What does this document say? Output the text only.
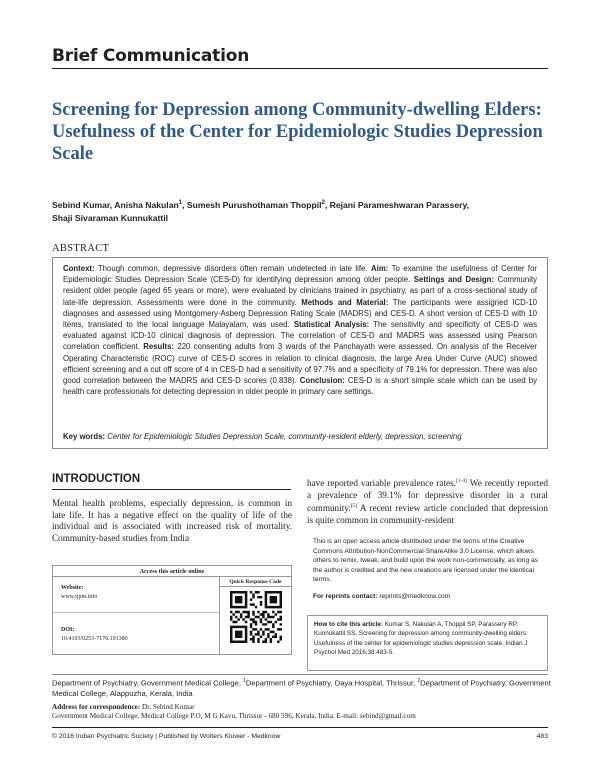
Brief Communication
Screening for Depression among Community-dwelling Elders: Usefulness of the Center for Epidemiologic Studies Depression Scale
Sebind Kumar, Anisha Nakulan$^1$, Sumesh Purushothaman Thoppil$^2$, Rejani Parameshwaran Parassery,
Shaji Sivaraman Kunnukattil
ABSTRACT

Context: Though common, depressive disorders often remain undetected in late life. Aim: To examine the usefulness of Center for Epidemiologic Studies Depression Scale (CES-D) for identifying depression among older people. Settings and Design: Community resident older people (aged 65 years or more), were evaluated by clinicians trained in psychiatry, as part of a cross-sectional study of late-life depression. Assessments were done in the community. Methods and Material: The participants were assigned ICD-10 diagnoses and assessed using Montgomery-Asberg Depression Rating Scale (MADRS) and CES-D. A short version of CES-D with 10 items, translated to the local language Malayalam, was used. Statistical Analysis: The sensitivity and specificity of CES-D was evaluated against ICD-10 clinical diagnosis of depression. The correlation of CES-D and MADRS was assessed using Pearson correlation coefficient. Results: 220 consenting adults from 3 wards of the Panchayath were assessed. On analysis of the Receiver Operating Characteristic (ROC) curve of CES-D scores in relation to clinical diagnosis, the large Area Under Curve (AUC) showed efficient screening and a cut off score of 4 in CES-D had a sensitivity of 97.7% and a specificity of 79.1% for depression. There was also good correlation between the MADRS and CES-D scores (0.838). Conclusion: CES-D is a short simple scale which can be used by health care professionals for detecting depression in older people in primary care settings.

Key words: Center for Epidemiologic Studies Depression Scale, community-resident elderly, depression, screening
INTRODUCTION

Mental health problems, especially depression, is common in late life. It has a negative effect on the quality of life of the individual and is associated with increased risk of mortality. Community-based studies from India

have reported variable prevalence rates.[1-4] We recently reported a prevalence of 39.1% for depressive disorder in a rural community.[5] A recent review article concluded that depression is quite common in community-resident

Access this article online
Quick Response Code
Website:
www.ijpm.info
DOI:
10.4103/0253-7176.191380
This is an open access article distributed under the terms of the Creative Commons Attribution-NonCommercial-ShareAlike 3.0 License, which allows others to remix, tweak, and build upon the work non-commercially, as long as the author is credited and the new creations are licensed under the identical terms.
For reprints contact: reprints@medknow.com
How to cite this article: Kumar S, Nakulan A, Thoppil SP, Parassery RP, Kunnukattil SS. Screening for depression among community-dwelling elders: Usefulness of the center for epidemiologic studies depression scale. Indian J Psychol Med 2016;38:483-5.
Department of Psychiatry, Government Medical College, $^1$Department of Psychiatry, Daya Hospital, Thrissur, $^2$Department of Psychiatry, Government Medical College, Alappuzha, Kerala, India
Address for correspondence: Dr. Sebind Kumar
Government Medical College, Medical College P.O, M G Kavu, Thrissur - 680 596, Kerala, India. E-mail: sebind@gmail.com
© 2016 Indian Psychiatric Society | Published by Wolters Kluwer - Medknow	483
